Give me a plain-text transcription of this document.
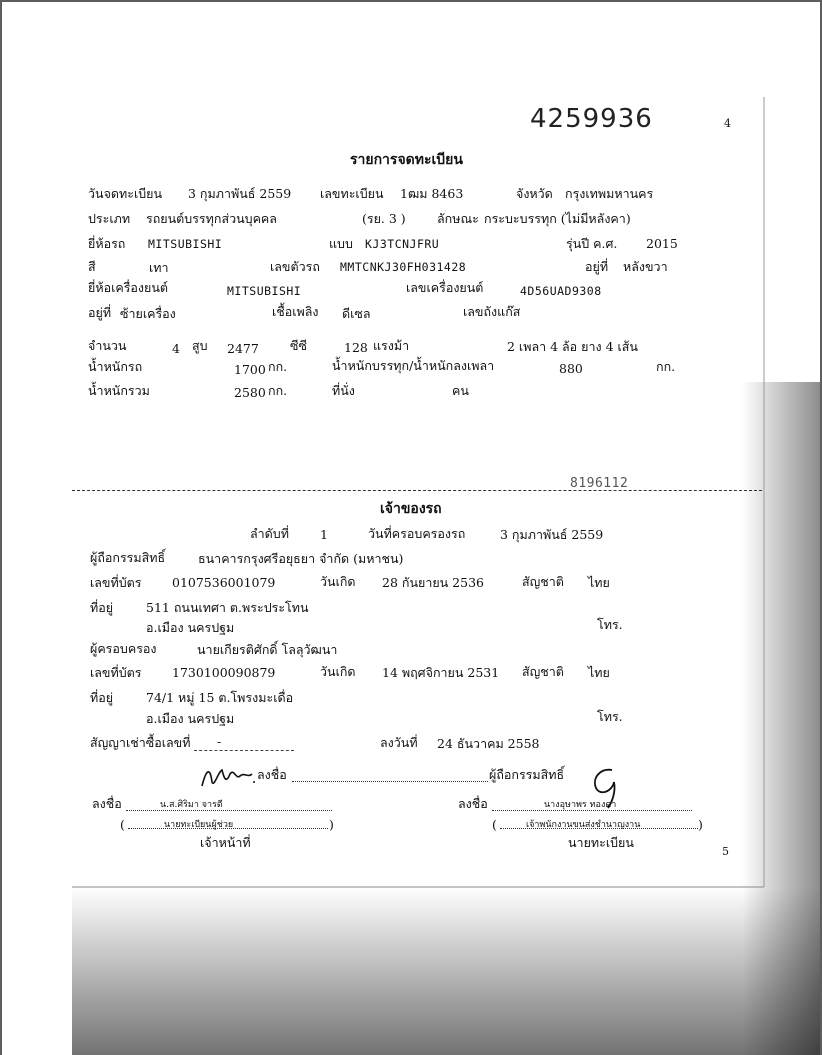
4259936	4
รายการจดทะเบียน
วันจดทะเบียน 3 กุมภาพันธ์ 2559 เลขทะเบียน 1ฒม 8463	จังหวัด กรุงเทพมหานคร
ประเภท รถยนต์บรรทุกส่วนบุคคล	(รย. 3 )	ลักษณะ กระบะบรรทุก (ไม่มีหลังคา)
ยี่ห้อรถ MITSUBISHI	แบบ KJ3TCNJFRU	รุ่นปี ค.ศ. 2015
สี	เทา	เลขตัวรถ MMTCNKJ30FH031428	อยู่ที่ หลังขวา
ยี่ห้อเครื่องยนต์	MITSUBISHI	เลขเครื่องยนต์	4D56UAD9308
อยู่ที่ ซ้ายเครื่อง	เชื้อเพลิง ดีเซล	เลขถังแก๊ส
จำนวน	4 สูบ 2477 ซีซี	128 แรงม้า	2 เพลา 4 ล้อ ยาง 4 เส้น
น้ำหนักรถ	1700 กก.	น้ำหนักบรรทุก/น้ำหนักลงเพลา	880	กก.
น้ำหนักรวม	2580 กก.	ที่นั่ง	คน
8196112
เจ้าของรถ
ลำดับที่ 1	วันที่ครอบครองรถ	3 กุมภาพันธ์ 2559
ผู้ถือกรรมสิทธิ์	ธนาคารกรุงศรีอยุธยา จำกัด (มหาชน)
เลขที่บัตร 0107536001079	วันเกิด 28 กันยายน 2536	สัญชาติ ไทย
ที่อยู่	511 ถนนเทศา ต.พระประโทน
อ.เมือง นครปฐม	โทร.
ผู้ครอบครอง	นายเกียรติศักดิ์ โลลุวัฒนา
เลขที่บัตร 1730100090879	วันเกิด 14 พฤศจิกายน 2531 สัญชาติ ไทย
ที่อยู่	74/1 หมู่ 15 ต.โพรงมะเดื่อ
อ.เมือง นครปฐม	โทร.
สัญญาเช่าซื้อเลขที่ -	ลงวันที่ 24 ธันวาคม 2558
ลงชื่อ	ผู้ถือกรรมสิทธิ์
ลงชื่อ	น.ส.ศิริมา จารดี
(	นายทะเบียนผู้ช่วย	)
เจ้าหน้าที่
ลงชื่อ	นางอุษาพร ทองดา
(	เจ้าพนักงานขนส่งชำนาญงาน	)
นายทะเบียน
5
